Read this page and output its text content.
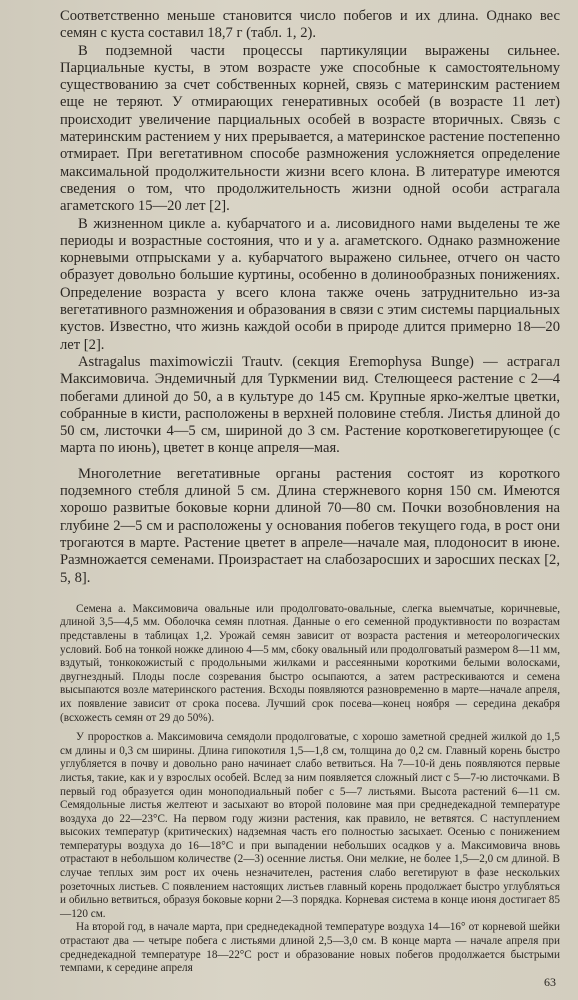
Соответственно меньше становится число побегов и их длина. Однако вес семян с куста составил 18,7 г (табл. 1, 2).

В подземной части процессы партикуляции выражены сильнее. Парциальные кусты, в этом возрасте уже способные к самостоятельному существованию за счет собственных корней, связь с материнским растением еще не теряют. У отмирающих генеративных особей (в возрасте 11 лет) происходит увеличение парциальных особей в возрасте вторичных. Связь с материнским растением у них прерывается, а материнское растение постепенно отмирает. При вегетативном способе размножения усложняется определение максимальной продолжительности жизни всего клона. В литературе имеются сведения о том, что продолжительность жизни одной особи астрагала агаметского 15—20 лет [2].

В жизненном цикле а. кубарчатого и а. лисовидного нами выделены те же периоды и возрастные состояния, что и у а. агаметского. Однако размножение корневыми отпрысками у а. кубарчатого выражено сильнее, отчего он часто образует довольно большие куртины, особенно в долинообразных понижениях. Определение возраста у всего клона также очень затруднительно из-за вегетативного размножения и образования в связи с этим системы парциальных кустов. Известно, что жизнь каждой особи в природе длится примерно 18—20 лет [2].

Astragalus maximowiczii Trautv. (секция Eremophysa Bunge) — астрагал Максимовича. Эндемичный для Туркмении вид. Стелющееся растение с 2—4 побегами длиной до 50, а в культуре до 145 см. Крупные ярко-желтые цветки, собранные в кисти, расположены в верхней половине стебля. Листья длиной до 50 см, листочки 4—5 см, шириной до 3 см. Растение коротковегетирующее (с марта по июнь), цветет в конце апреля—мая.

Многолетние вегетативные органы растения состоят из короткого подземного стебля длиной 5 см. Длина стержневого корня 150 см. Имеются хорошо развитые боковые корни длиной 70—80 см. Почки возобновления на глубине 2—5 см и расположены у основания побегов текущего года, в рост они трогаются в марте. Растение цветет в апреле—начале мая, плодоносит в июне. Размножается семенами. Произрастает на слабозаросших и заросших песках [2, 5, 8].

Семена а. Максимовича овальные или продолговато-овальные, слегка выемчатые, коричневые, длиной 3,5—4,5 мм. Оболочка семян плотная. Данные о его семенной продуктивности по возрастам представлены в таблицах 1,2. Урожай семян зависит от возраста растения и метеорологических условий. Боб на тонкой ножке длиною 4—5 мм, сбоку овальный или продолговатый размером 8—11 мм, вздутый, тонкокожистый с продольными жилками и рассеянными короткими белыми волосками, двугнездный. Плоды после созревания быстро осыпаются, а затем растрескиваются и семена высыпаются возле материнского растения. Всходы появляются разновременно в марте—начале апреля, их появление зависит от срока посева. Лучший срок посева—конец ноября — середина декабря (всхожесть семян от 29 до 50%).

У проростков а. Максимовича семядоли продолговатые, с хорошо заметной средней жилкой до 1,5 см длины и 0,3 см ширины. Длина гипокотиля 1,5—1,8 см, толщина до 0,2 см. Главный корень быстро углубляется в почву и довольно рано начинает слабо ветвиться. На 7—10-й день появляются первые листья, такие, как и у взрослых особей. Вслед за ним появляется сложный лист с 5—7-ю листочками. В первый год образуется один моноподиальный побег с 5—7 листьями. Высота растений 6—11 см. Семядольные листья желтеют и засыхают во второй половине мая при среднедекадной температуре воздуха до 22—23°С. На первом году жизни растения, как правило, не ветвятся. С наступлением высоких температур (критических) надземная часть его полностью засыхает. Осенью с понижением температуры воздуха до 16—18°С и при выпадении небольших осадков у а. Максимовича вновь отрастают в небольшом количестве (2—3) осенние листья. Они мелкие, не более 1,5—2,0 см длиной. В случае теплых зим рост их очень незначителен, растения слабо вегетируют в фазе нескольких розеточных листьев. С появлением настоящих листьев главный корень продолжает быстро углубляться и обильно ветвиться, образуя боковые корни 2—3 порядка. Корневая система в конце июня достигает 85—120 см.

На второй год, в начале марта, при среднедекадной температуре воздуха 14—16° от корневой шейки отрастают два — четыре побега с листьями длиной 2,5—3,0 см. В конце марта — начале апреля при среднедекадной температуре 18—22°С рост и образование новых побегов продолжается быстрыми темпами, к середине апреля

63
